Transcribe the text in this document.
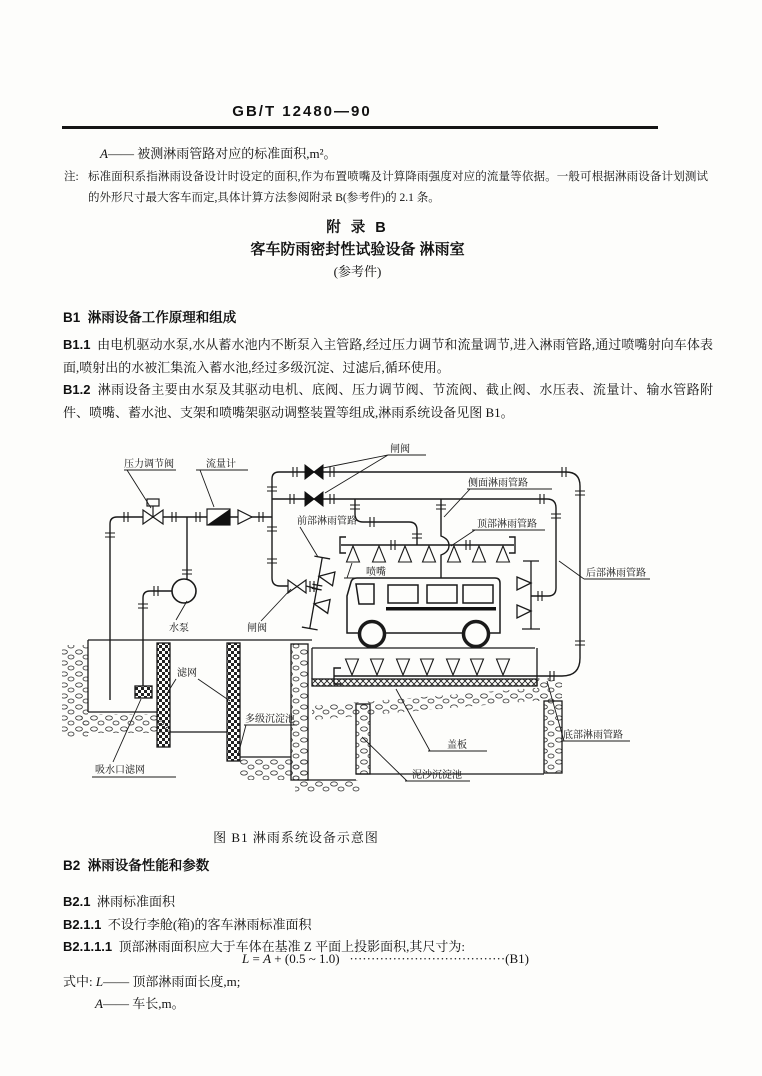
GB/T 12480—90
A—— 被测淋雨管路对应的标准面积,m²。
注: 标准面积系指淋雨设备设计时设定的面积,作为布置喷嘴及计算降雨强度对应的流量等依据。一般可根据淋雨设备计划测试的外形尺寸最大客车而定,具体计算方法参阅附录 B(参考件)的 2.1 条。
附 录 B
客车防雨密封性试验设备 淋雨室
(参考件)
B1 淋雨设备工作原理和组成
B1.1 由电机驱动水泵,水从蓄水池内不断泵入主管路,经过压力调节和流量调节,进入淋雨管路,通过喷嘴射向车体表面,喷射出的水被汇集流入蓄水池,经过多级沉淀、过滤后,循环使用。
B1.2 淋雨设备主要由水泵及其驱动电机、底阀、压力调节阀、节流阀、截止阀、水压表、流量计、输水管路附件、喷嘴、蓄水池、支架和喷嘴架驱动调整装置等组成,淋雨系统设备见图 B1。
压力调节阀	流量计
闸阀
前部淋雨管路
喷嘴
侧面淋雨管路
顶部淋雨管路
后部淋雨管路
水泵	闸阀
滤网
多级沉淀池
吸水口滤网
盖板
底部淋雨管路
泥沙沉淀池
图 B1 淋雨系统设备示意图
B2 淋雨设备性能和参数
B2.1 淋雨标准面积
B2.1.1 不设行李舱(箱)的客车淋雨标准面积
B2.1.1.1 顶部淋雨面积应大于车体在基准 Z 平面上投影面积,其尺寸为:
L = A + (0.5 ~ 1.0) ····································(B1)
式中: L—— 顶部淋雨面长度,m;
A—— 车长,m。
